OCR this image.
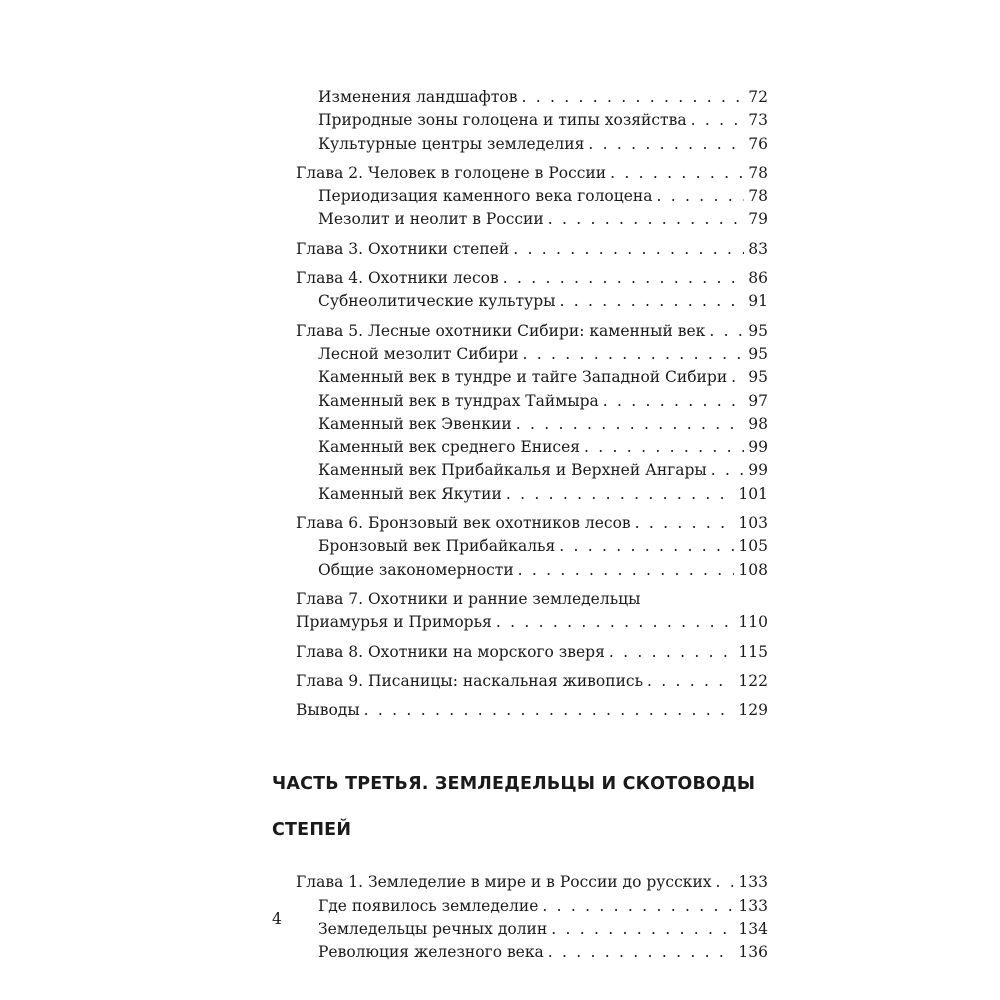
Изменения ландшафтов . . .	72
Природные зоны голоцена и типы хозяйства . . .	73
Культурные центры земледелия . . .	76
Глава 2. Человек в голоцене в России . . .	78
Периодизация каменного века голоцена . . .	78
Мезолит и неолит в России . . .	79
Глава 3. Охотники степей . . .	83
Глава 4. Охотники лесов . . .	86
Субнеолитические культуры . . .	91
Глава 5. Лесные охотники Сибири: каменный век . . .	95
Лесной мезолит Сибири . . .	95
Каменный век в тундре и тайге Западной Сибири . . . 95
Каменный век в тундрах Таймыра . . .	97
Каменный век Эвенкии . . .	98
Каменный век среднего Енисея . . .	99
Каменный век Прибайкалья и Верхней Ангары . . .	99
Каменный век Якутии . . .	101
Глава 6. Бронзовый век охотников лесов . . .	103
Бронзовый век Прибайкалья . . .	105
Общие закономерности . . .	108
Глава 7. Охотники и ранние земледельцы
Приамурья и Приморья . . .	110
Глава 8. Охотники на морского зверя . . .	115
Глава 9. Писаницы: наскальная живопись . . .	122
Выводы . . .	129

ЧАСТЬ ТРЕТЬЯ. ЗЕМЛЕДЕЛЬЦЫ И СКОТОВОДЫ

СТЕПЕЙ

Глава 1. Земледелие в мире и в России до русских . . . 133
Где появилось земледелие . . .	133
Земледельцы речных долин . . .	134
Революция железного века . . .	136
4
